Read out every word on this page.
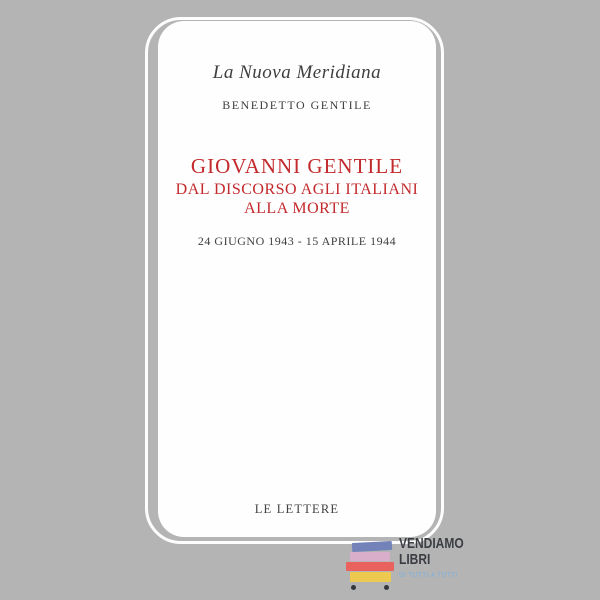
La Nuova Meridiana
BENEDETTO GENTILE
GIOVANNI GENTILE
DAL DISCORSO AGLI ITALIANI
ALLA MORTE
24 GIUGNO 1943 - 15 APRILE 1944
LE LETTERE
VENDIAMO
LIBRI
DI TUTTI A TUTTI
